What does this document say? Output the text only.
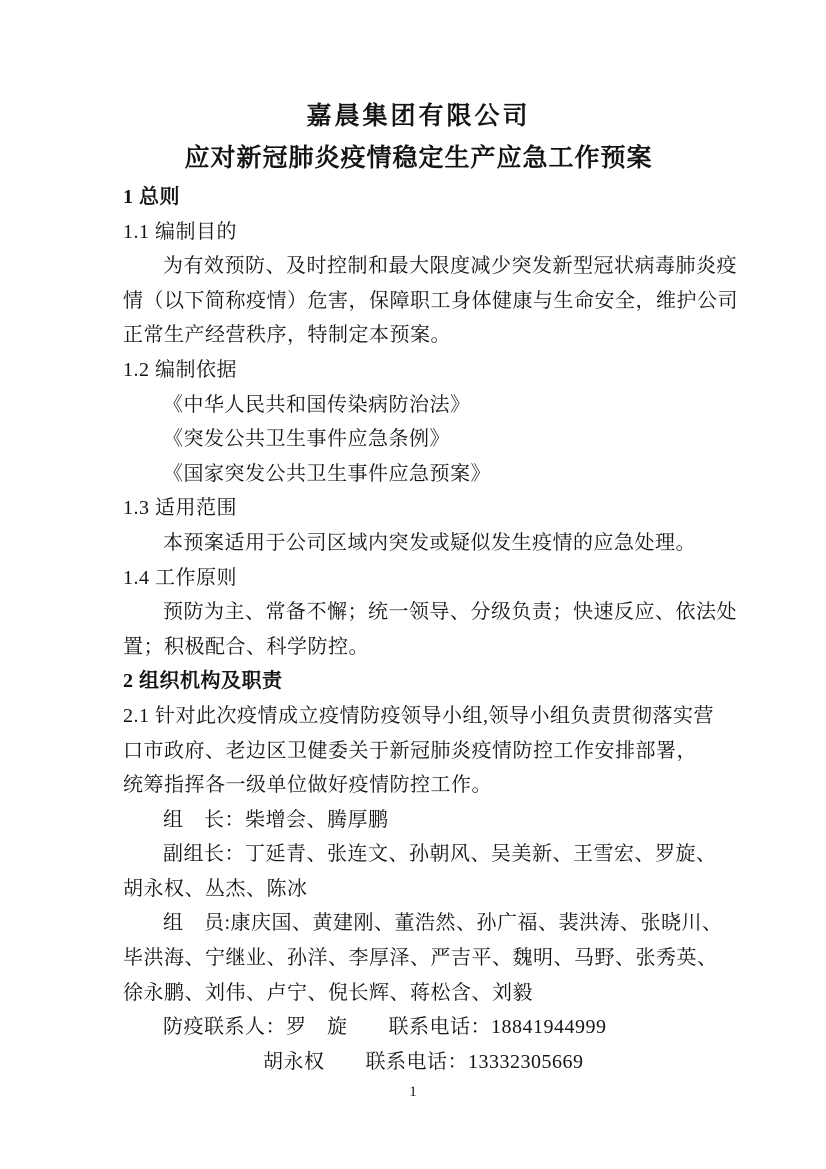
嘉晨集团有限公司
应对新冠肺炎疫情稳定生产应急工作预案
1 总则
1.1 编制目的
为有效预防、及时控制和最大限度减少突发新型冠状病毒肺炎疫
情（以下简称疫情）危害，保障职工身体健康与生命安全，维护公司
正常生产经营秩序，特制定本预案。
1.2 编制依据
《中华人民共和国传染病防治法》
《突发公共卫生事件应急条例》
《国家突发公共卫生事件应急预案》
1.3 适用范围
本预案适用于公司区域内突发或疑似发生疫情的应急处理。
1.4 工作原则
预防为主、常备不懈；统一领导、分级负责；快速反应、依法处
置；积极配合、科学防控。
2 组织机构及职责
2.1 针对此次疫情成立疫情防疫领导小组,领导小组负责贯彻落实营
口市政府、老边区卫健委关于新冠肺炎疫情防控工作安排部署，
统筹指挥各一级单位做好疫情防控工作。
组　长：柴增会、腾厚鹏
副组长：丁延青、张连文、孙朝风、吴美新、王雪宏、罗旋、
胡永权、丛杰、陈冰
组　员:康庆国、黄建刚、董浩然、孙广福、裴洪涛、张晓川、
毕洪海、宁继业、孙洋、李厚泽、严吉平、魏明、马野、张秀英、
徐永鹏、刘伟、卢宁、倪长辉、蒋松含、刘毅
防疫联系人：罗　旋　　联系电话：18841944999
胡永权　　联系电话：13332305669
1
